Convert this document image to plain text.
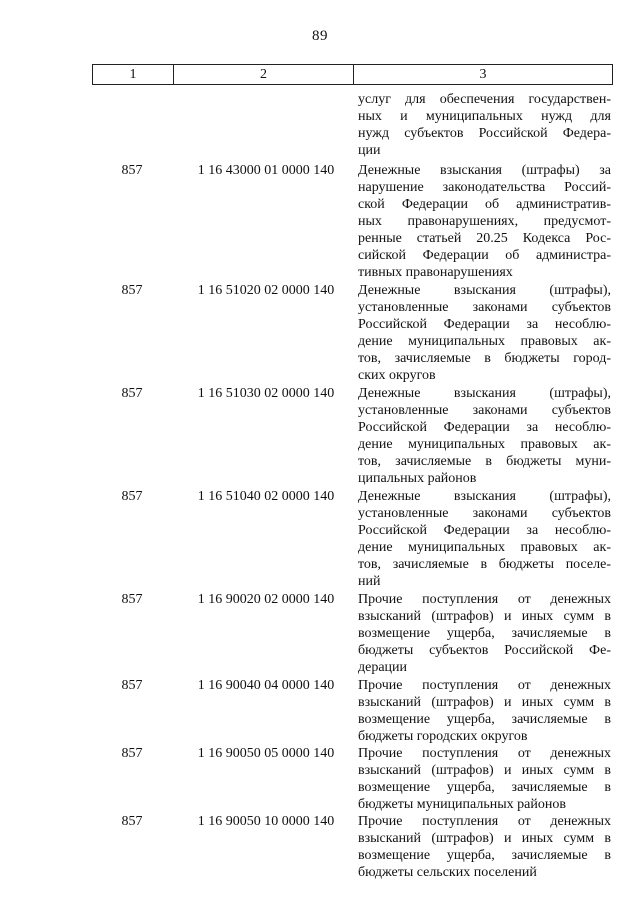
89
1	2	3
услуг для обеспечения государствен-
ных и муниципальных нужд для
нужд субъектов Российской Федера-
ции
857	1 16 43000 01 0000 140	Денежные взыскания (штрафы) за
нарушение законодательства Россий-
ской Федерации об административ-
ных правонарушениях, предусмот-
ренные статьей 20.25 Кодекса Рос-
сийской Федерации об администра-
тивных правонарушениях
857	1 16 51020 02 0000 140	Денежные взыскания (штрафы),
установленные законами субъектов
Российской Федерации за несоблю-
дение муниципальных правовых ак-
тов, зачисляемые в бюджеты город-
ских округов
857	1 16 51030 02 0000 140	Денежные взыскания (штрафы),
установленные законами субъектов
Российской Федерации за несоблю-
дение муниципальных правовых ак-
тов, зачисляемые в бюджеты муни-
ципальных районов
857	1 16 51040 02 0000 140	Денежные взыскания (штрафы),
установленные законами субъектов
Российской Федерации за несоблю-
дение муниципальных правовых ак-
тов, зачисляемые в бюджеты поселе-
ний
857	1 16 90020 02 0000 140	Прочие поступления от денежных
взысканий (штрафов) и иных сумм в
возмещение ущерба, зачисляемые в
бюджеты субъектов Российской Фе-
дерации
857	1 16 90040 04 0000 140	Прочие поступления от денежных
взысканий (штрафов) и иных сумм в
возмещение ущерба, зачисляемые в
бюджеты городских округов
857	1 16 90050 05 0000 140	Прочие поступления от денежных
взысканий (штрафов) и иных сумм в
возмещение ущерба, зачисляемые в
бюджеты муниципальных районов
857	1 16 90050 10 0000 140	Прочие поступления от денежных
взысканий (штрафов) и иных сумм в
возмещение ущерба, зачисляемые в
бюджеты сельских поселений
